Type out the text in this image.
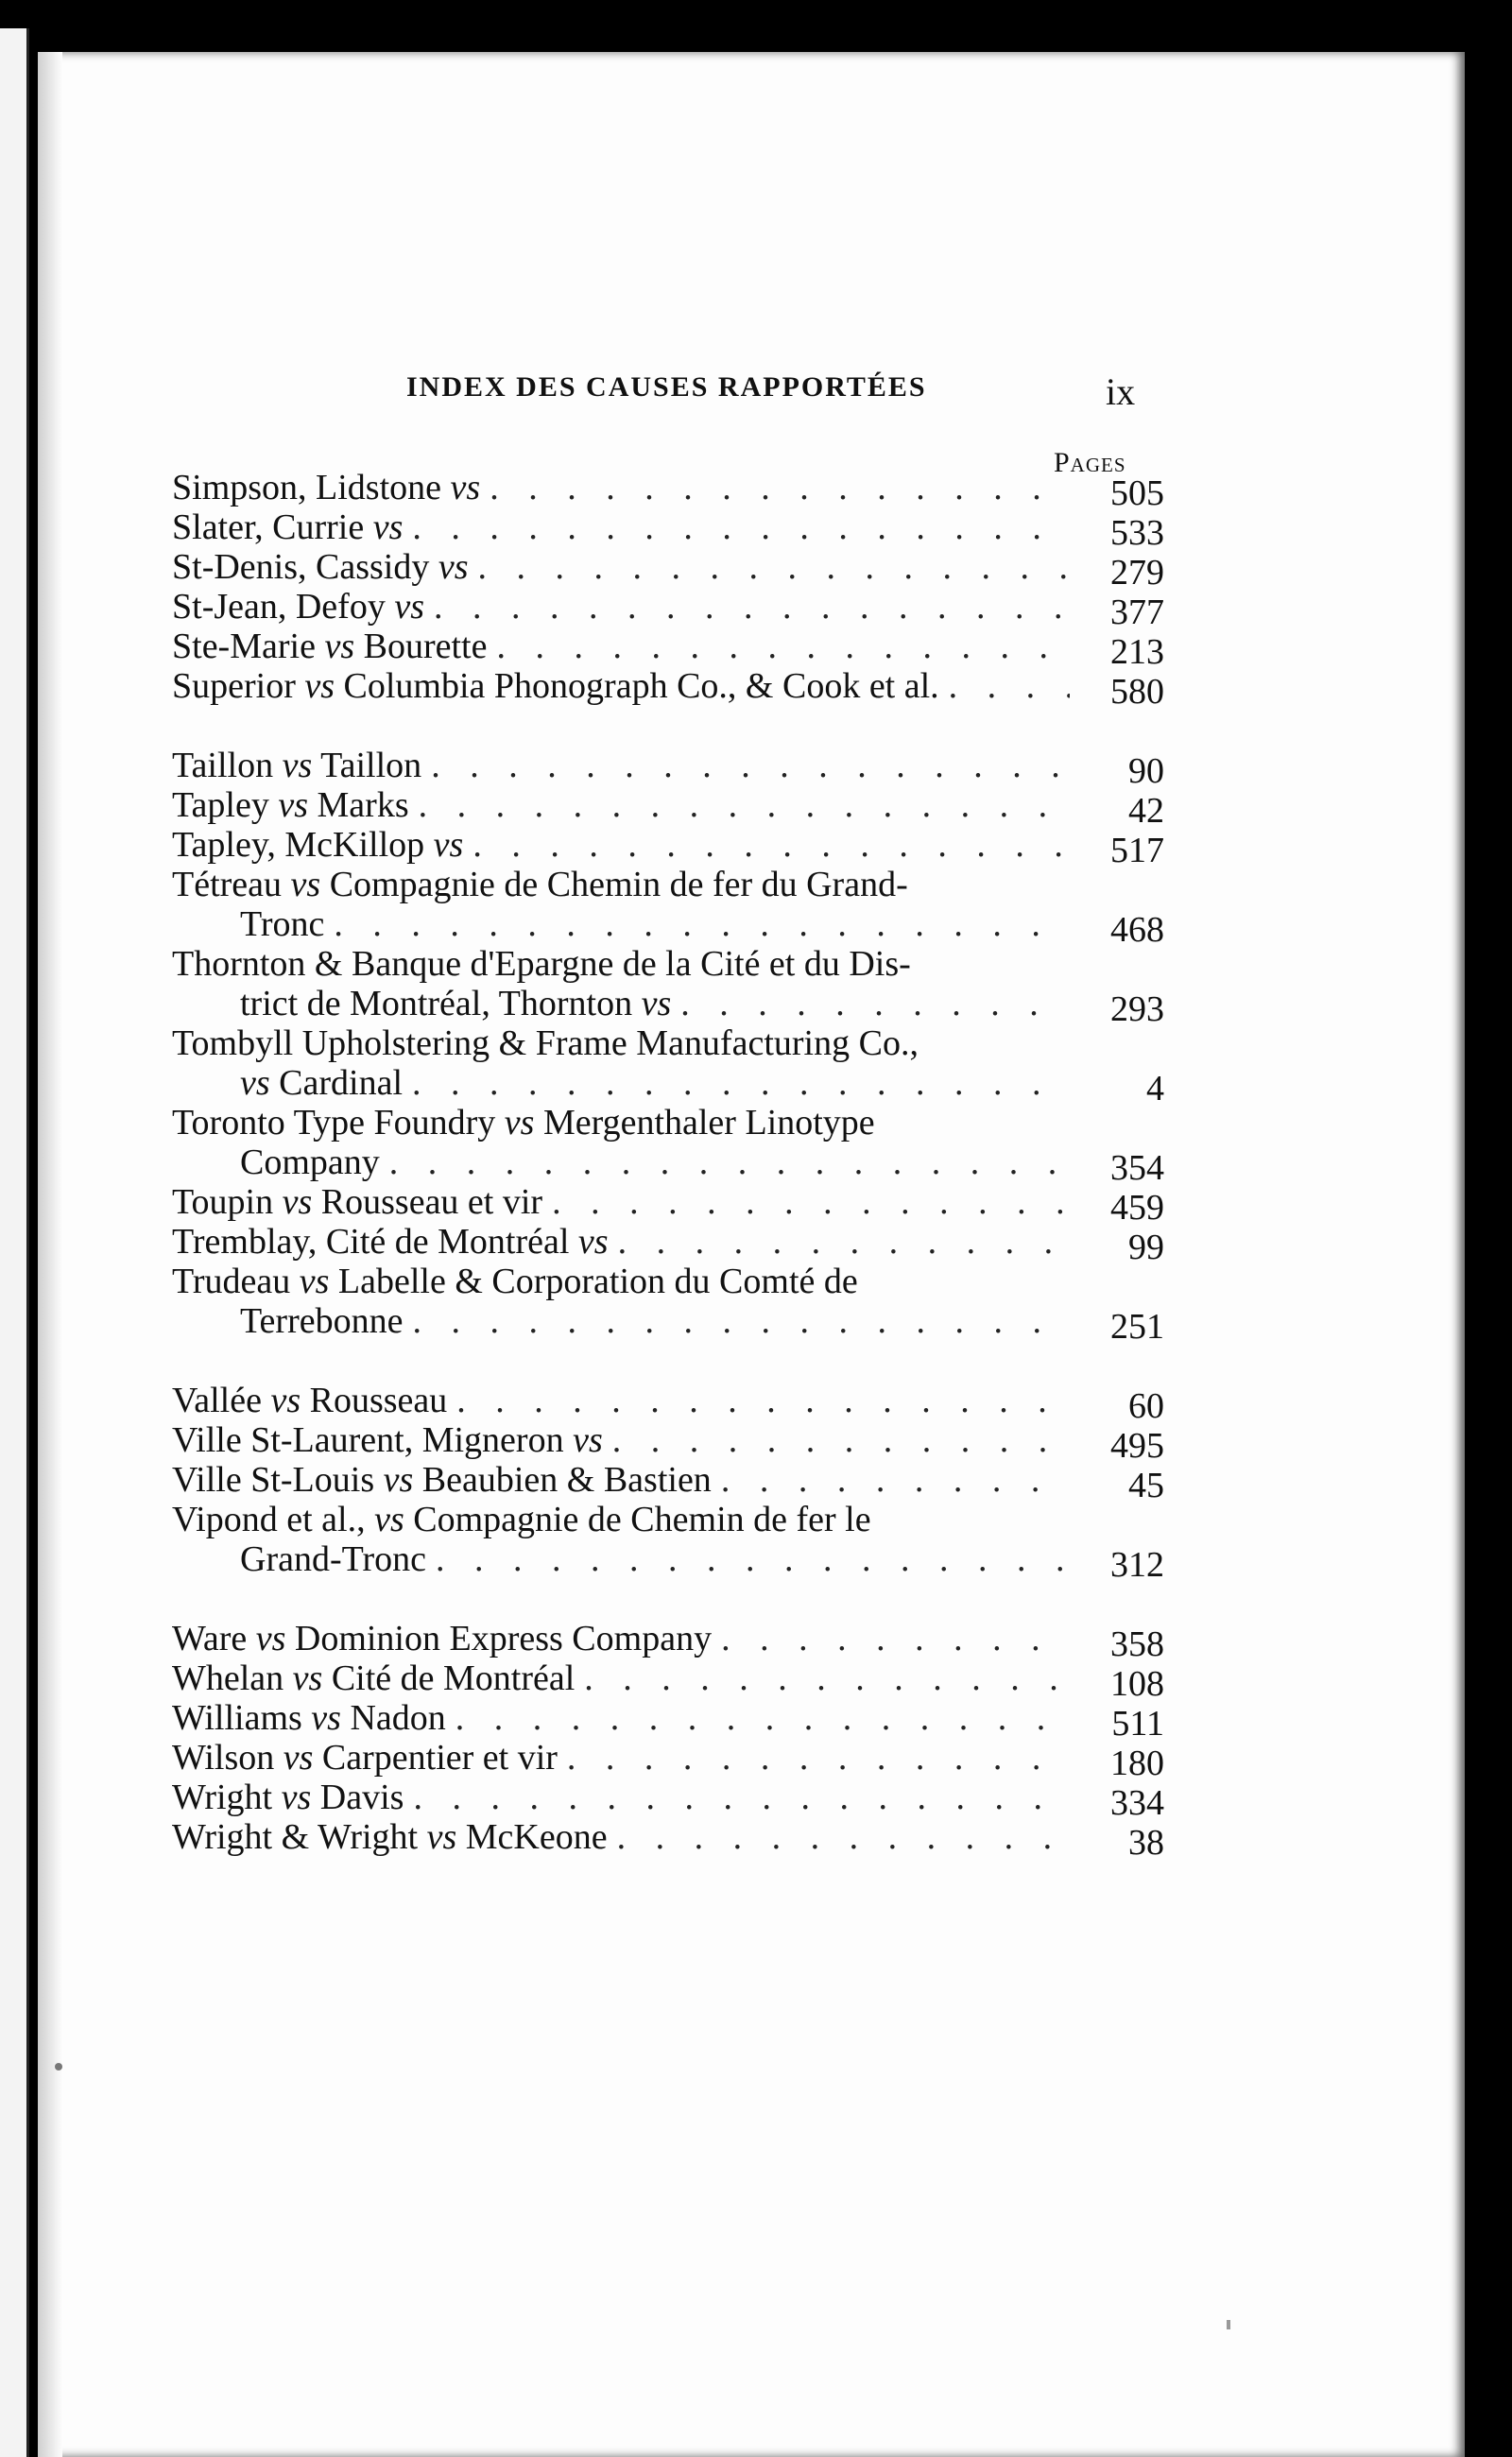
INDEX DES CAUSES RAPPORTÉES	ix
Pages
Simpson, Lidstone vs . . .	505
Slater, Currie vs . . .	533
St-Denis, Cassidy vs . . .	279
St-Jean, Defoy vs . . .	377
Ste-Marie vs Bourette . . .	213
Superior vs Columbia Phonograph Co., & Cook et al. . . .	580
Taillon vs Taillon . . .	90
Tapley vs Marks . . .	42
Tapley, McKillop vs . . .	517
Tétreau vs Compagnie de Chemin de fer du Grand-
Tronc . . .	468
Thornton & Banque d'Epargne de la Cité et du Dis-
trict de Montréal, Thornton vs . . .	293
Tombyll Upholstering & Frame Manufacturing Co.,
vs Cardinal . . .	4
Toronto Type Foundry vs Mergenthaler Linotype
Company . . .	354
Toupin vs Rousseau et vir . . .	459
Tremblay, Cité de Montréal vs . . .	99
Trudeau vs Labelle & Corporation du Comté de
Terrebonne . . .	251
Vallée vs Rousseau . . .	60
Ville St-Laurent, Migneron vs . . .	495
Ville St-Louis vs Beaubien & Bastien . . .	45
Vipond et al., vs Compagnie de Chemin de fer le
Grand-Tronc . . .	312
Ware vs Dominion Express Company . . .	358
Whelan vs Cité de Montréal . . .	108
Williams vs Nadon . . .	511
Wilson vs Carpentier et vir . . .	180
Wright vs Davis . . .	334
Wright & Wright vs McKeone . . .	38
